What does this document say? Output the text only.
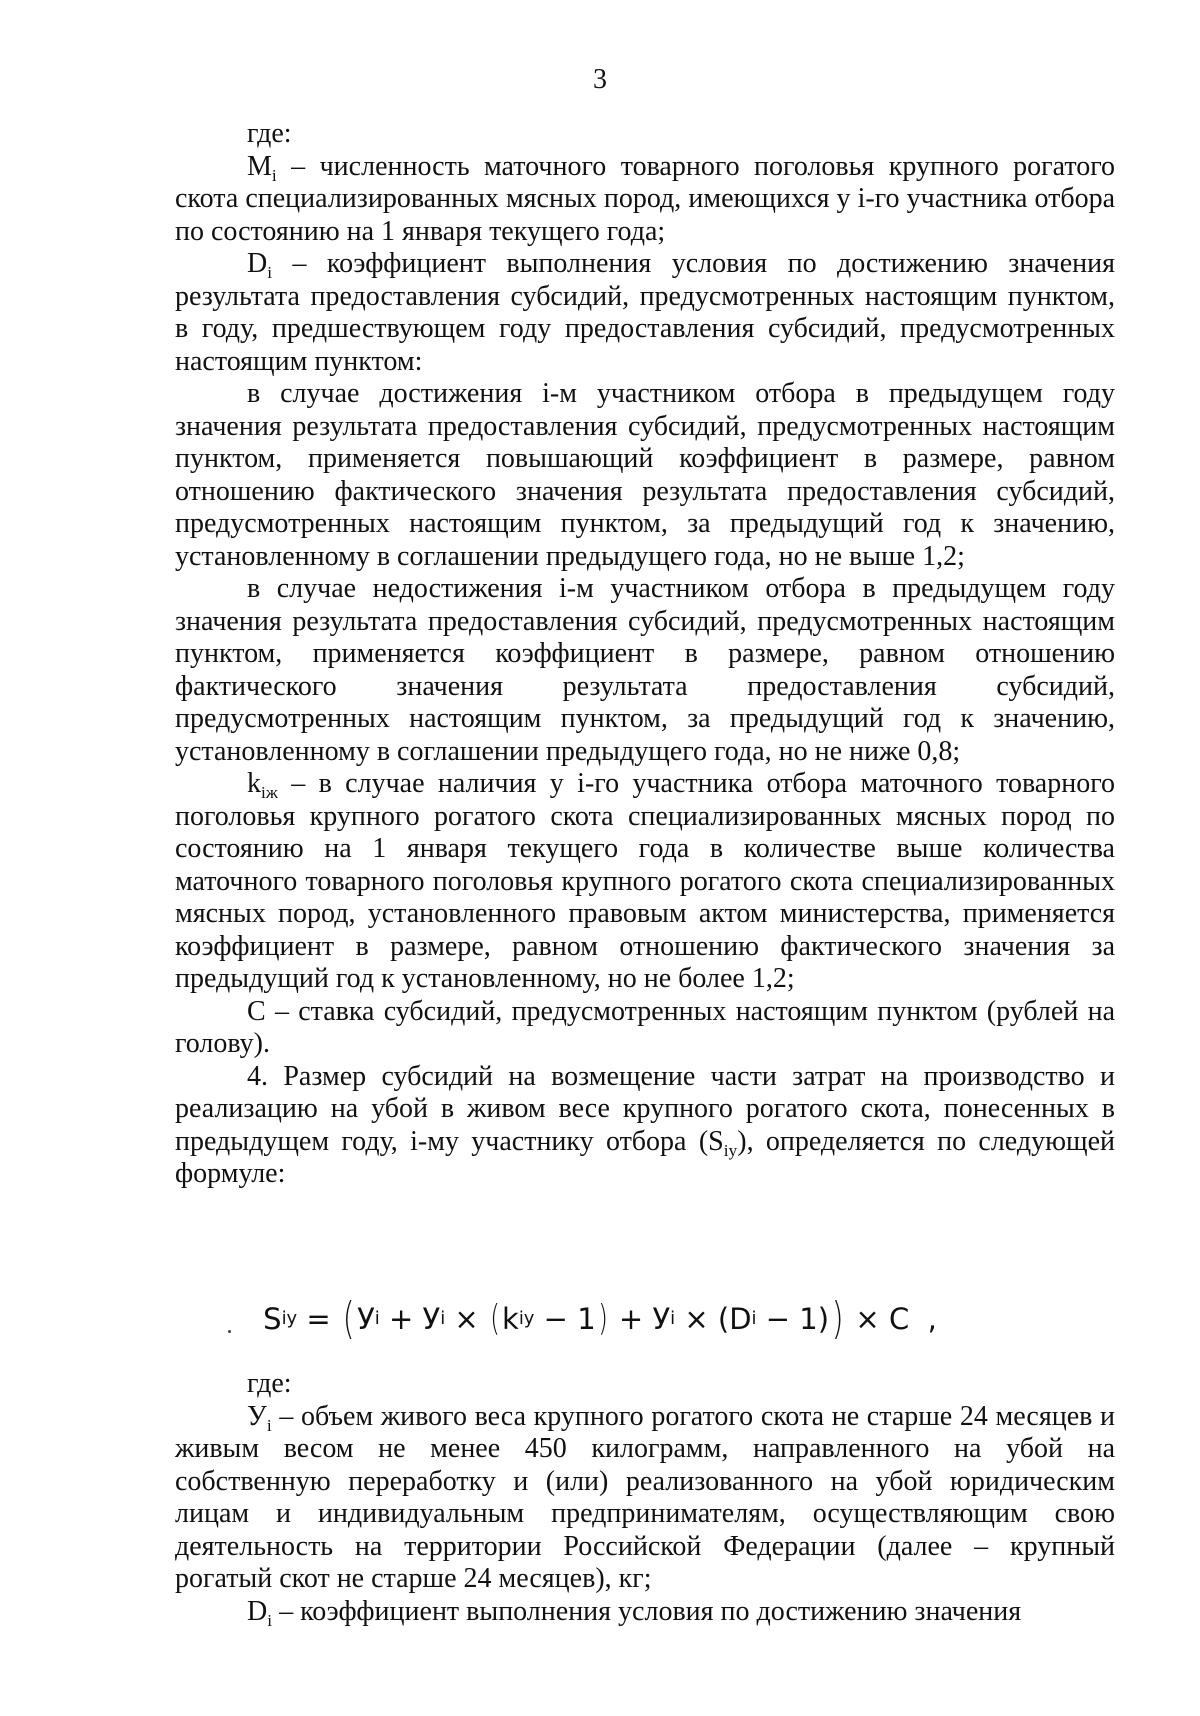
3

где:

$M_i$ – численность маточного товарного поголовья крупного рогатого скота специализированных мясных пород, имеющихся у i-го участника отбора по состоянию на 1 января текущего года;

$D_i$ – коэффициент выполнения условия по достижению значения результата предоставления субсидий, предусмотренных настоящим пунктом, в году, предшествующем году предоставления субсидий, предусмотренных настоящим пунктом:

в случае достижения i-м участником отбора в предыдущем году значения результата предоставления субсидий, предусмотренных настоящим пунктом, применяется повышающий коэффициент в размере, равном отношению фактического значения результата предоставления субсидий, предусмотренных настоящим пунктом, за предыдущий год к значению, установленному в соглашении предыдущего года, но не выше 1,2;

в случае недостижения i-м участником отбора в предыдущем году значения результата предоставления субсидий, предусмотренных настоящим пунктом, применяется коэффициент в размере, равном отношению фактического значения результата предоставления субсидий, предусмотренных настоящим пунктом, за предыдущий год к значению, установленному в соглашении предыдущего года, но не ниже 0,8;

$k_{iж}$ – в случае наличия у i-го участника отбора маточного товарного поголовья крупного рогатого скота специализированных мясных пород по состоянию на 1 января текущего года в количестве выше количества маточного товарного поголовья крупного рогатого скота специализированных мясных пород, установленного правовым актом министерства, применяется коэффициент в размере, равном отношению фактического значения за предыдущий год к установленному, но не более 1,2;

С – ставка субсидий, предусмотренных настоящим пунктом (рублей на голову).

4. Размер субсидий на возмещение части затрат на производство и реализацию на убой в живом весе крупного рогатого скота, понесенных в предыдущем году, i-му участнику отбора $(S_{iy})$, определяется по следующей формуле:

S iy = ( У i + У i × ( k iy − 1 ) + У i × ( D i − 1 ) ) × С ,

где:

$У_i$ – объем живого веса крупного рогатого скота не старше 24 месяцев и живым весом не менее 450 килограмм, направленного на убой на собственную переработку и (или) реализованного на убой юридическим лицам и индивидуальным предпринимателям, осуществляющим свою деятельность на территории Российской Федерации (далее – крупный рогатый скот не старше 24 месяцев), кг;

$D_i$ – коэффициент выполнения условия по достижению значения
